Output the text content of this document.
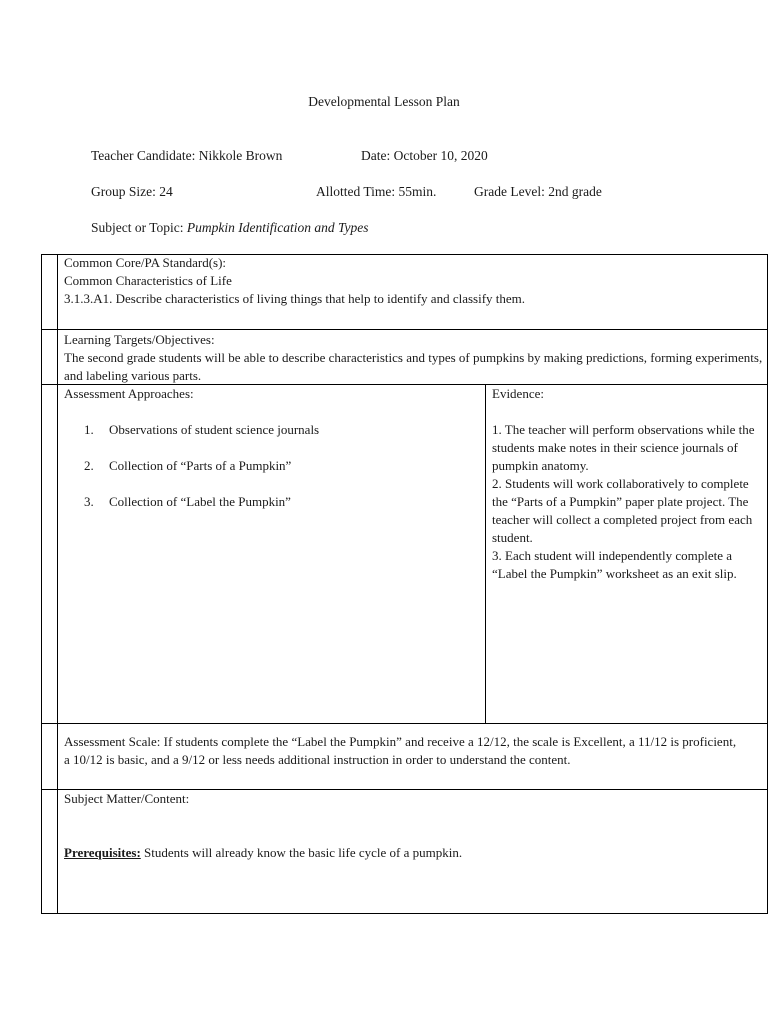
Developmental Lesson Plan
Teacher Candidate: Nikkole Brown	Date: October 10, 2020
Group Size: 24	Allotted Time: 55min.	Grade Level: 2nd grade
Subject or Topic: Pumpkin Identification and Types

Common Core/PA Standard(s):

Common Characteristics of Life

3.1.3.A1. Describe characteristics of living things that help to identify and classify them.

Learning Targets/Objectives:

The second grade students will be able to describe characteristics and types of pumpkins by making predictions, forming experiments, and labeling various parts.

Assessment Approaches:

1. Observations of student science journals
2. Collection of “Parts of a Pumpkin”
3. Collection of “Label the Pumpkin”

Evidence:

1. The teacher will perform observations while the students make notes in their science journals of pumpkin anatomy.

2. Students will work collaboratively to complete the “Parts of a Pumpkin” paper plate project. The teacher will collect a completed project from each student.

3. Each student will independently complete a “Label the Pumpkin” worksheet as an exit slip.

Assessment Scale: If students complete the “Label the Pumpkin” and receive a 12/12, the scale is Excellent, a 11/12 is proficient, a 10/12 is basic, and a 9/12 or less needs additional instruction in order to understand the content.

Subject Matter/Content:

Prerequisites: Students will already know the basic life cycle of a pumpkin.
